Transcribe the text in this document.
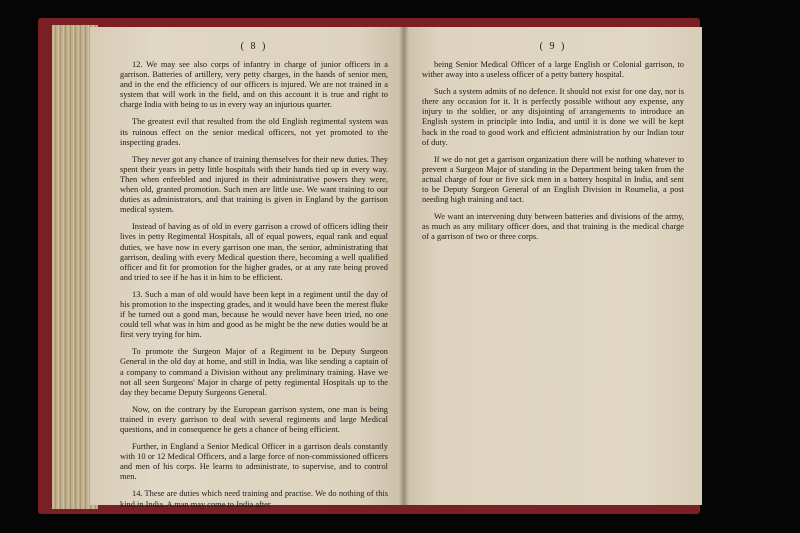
( 8 )

12. We may see also corps of infantry in charge of junior officers in a garrison. Batteries of artillery, very petty charges, in the hands of senior men, and in the end the efficiency of our officers is injured. We are not trained in a system that will work in the field, and on this account it is true and right to charge India with being to us in every way an injurious quarter.

The greatest evil that resulted from the old English regimental system was its ruinous effect on the senior medical officers, not yet promoted to the inspecting grades.

They never got any chance of training themselves for their new duties. They spent their years in petty little hospitals with their hands tied up in every way. Then when enfeebled and injured in their administrative powers they were, when old, granted promotion. Such men are little use. We want training to our duties as administrators, and that training is given in England by the garrison medical system.

Instead of having as of old in every garrison a crowd of officers idling their lives in petty Regimental Hospitals, all of equal powers, equal rank and equal duties, we have now in every garrison one man, the senior, administrating that garrison, dealing with every Medical question there, becoming a well qualified officer and fit for promotion for the higher grades, or at any rate being proved and tried to see if he has it in him to be efficient.

13. Such a man of old would have been kept in a regiment until the day of his promotion to the inspecting grades, and it would have been the merest fluke if he turned out a good man, because he would never have been tried, no one could tell what was in him and good as he might be the new duties would be at first very trying for him.

To promote the Surgeon Major of a Regiment to be Deputy Surgeon General in the old day at home, and still in India, was like sending a captain of a company to command a Division without any preliminary training. Have we not all seen Surgeons' Major in charge of petty regimental Hospitals up to the day they became Deputy Surgeons General.

Now, on the contrary by the European garrison system, one man is being trained in every garrison to deal with several regiments and large Medical questions, and in consequence he gets a chance of being efficient.

Further, in England a Senior Medical Officer in a garrison deals constantly with 10 or 12 Medical Officers, and a large force of non-commissioned officers and men of his corps. He learns to administrate, to supervise, and to control men.

14. These are duties which need training and practise. We do nothing of this kind in India. A man may come to India after

( 9 )

being Senior Medical Officer of a large English or Colonial garrison, to wither away into a useless officer of a petty battery hospital.

Such a system admits of no defence. It should not exist for one day, nor is there any occasion for it. It is perfectly possible without any expense, any injury to the soldier, or any disjointing of arrangements to introduce an English system in principle into India, and until it is done we will be kept back in the road to good work and efficient administration by our Indian tour of duty.

If we do not get a garrison organization there will be nothing whatever to prevent a Surgeon Major of standing in the Department being taken from the actual charge of four or five sick men in a battery hospital in India, and sent to be Deputy Surgeon General of an English Division in Roumelia, a post needing high training and tact.

We want an intervening duty between batteries and divisions of the army, as much as any military officer does, and that training is the medical charge of a garrison of two or three corps.
